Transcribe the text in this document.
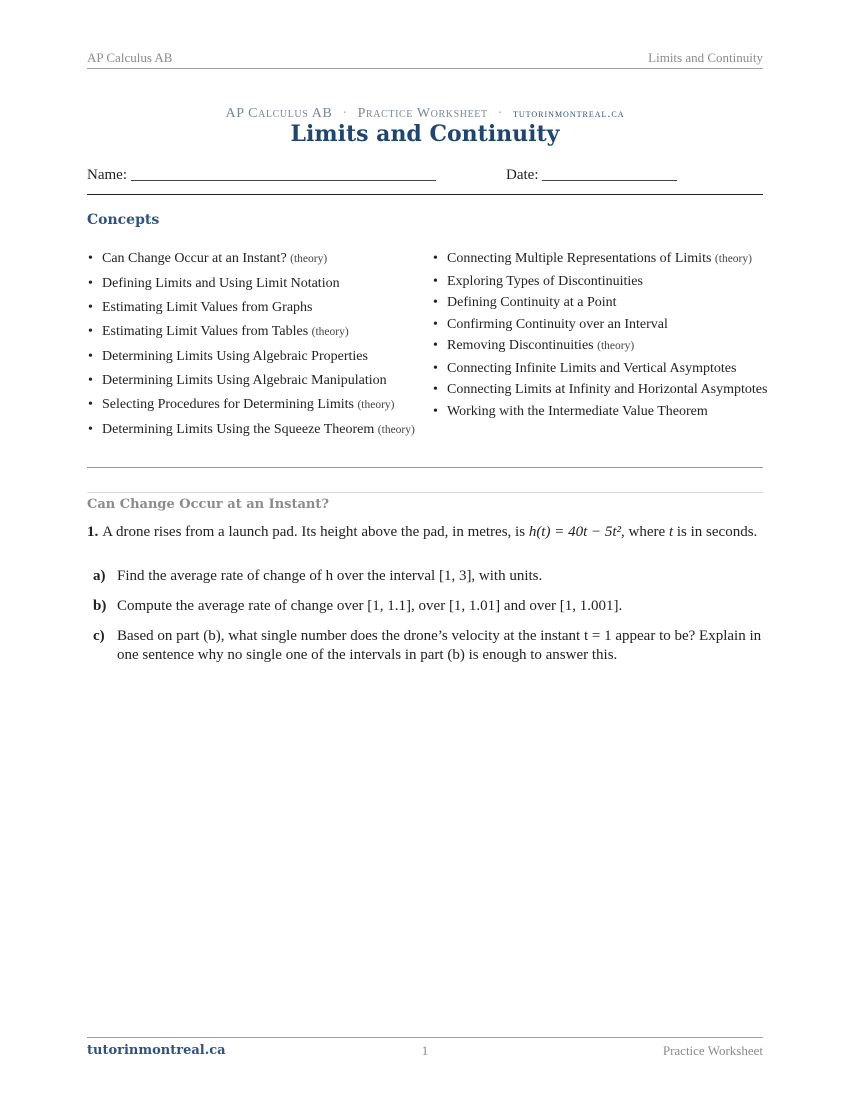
AP Calculus AB	Limits and Continuity
AP Calculus AB · Practice Worksheet · tutorinmontreal.ca
Limits and Continuity
Name:	Date:
Concepts
• Can Change Occur at an Instant? (theory)
• Defining Limits and Using Limit Notation
• Estimating Limit Values from Graphs
• Estimating Limit Values from Tables (theory)
• Determining Limits Using Algebraic Properties
• Determining Limits Using Algebraic Manipulation
• Selecting Procedures for Determining Limits (theory)
• Determining Limits Using the Squeeze Theorem (theory)
• Connecting Multiple Representations of Limits (theory)
• Exploring Types of Discontinuities
• Defining Continuity at a Point
• Confirming Continuity over an Interval
• Removing Discontinuities (theory)
• Connecting Infinite Limits and Vertical Asymptotes
• Connecting Limits at Infinity and Horizontal Asymptotes
• Working with the Intermediate Value Theorem
Can Change Occur at an Instant?
1. A drone rises from a launch pad. Its height above the pad, in metres, is h(t) = 40t − 5t², where t is in seconds.
a) Find the average rate of change of h over the interval [1, 3], with units.
b) Compute the average rate of change over [1, 1.1], over [1, 1.01] and over [1, 1.001].
c) Based on part (b), what single number does the drone’s velocity at the instant t = 1 appear to be? Explain in one sentence why no single one of the intervals in part (b) is enough to answer this.
tutorinmontreal.ca	1	Practice Worksheet
